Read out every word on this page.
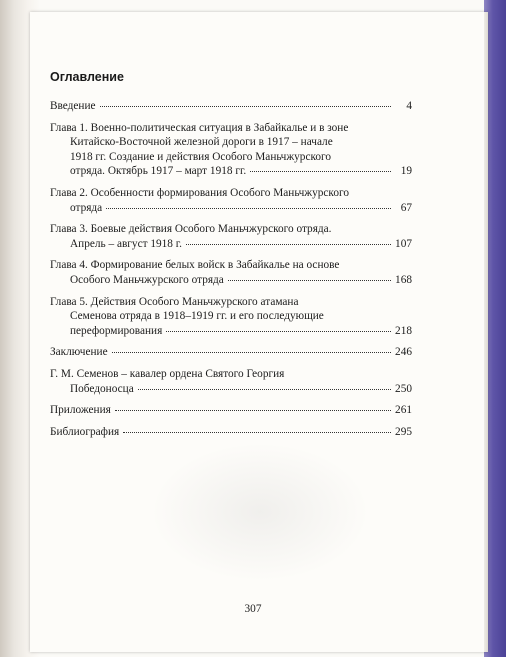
Оглавление
Введение	4
Глава 1. Военно-политическая ситуация в Забайкалье и в зоне
Китайско-Восточной железной дороги в 1917 – начале
1918 гг. Создание и действия Особого Маньчжурского
отряда. Октябрь 1917 – март 1918 гг.	19
Глава 2. Особенности формирования Особого Маньчжурского
отряда	67
Глава 3. Боевые действия Особого Маньчжурского отряда.
Апрель – август 1918 г.	107
Глава 4. Формирование белых войск в Забайкалье на основе
Особого Маньчжурского отряда	168
Глава 5. Действия Особого Маньчжурского атамана
Семенова отряда в 1918–1919 гг. и его последующие
переформирования	218
Заключение	246
Г. М. Семенов – кавалер ордена Святого Георгия
Победоносца	250
Приложения	261
Библиография	295
307
